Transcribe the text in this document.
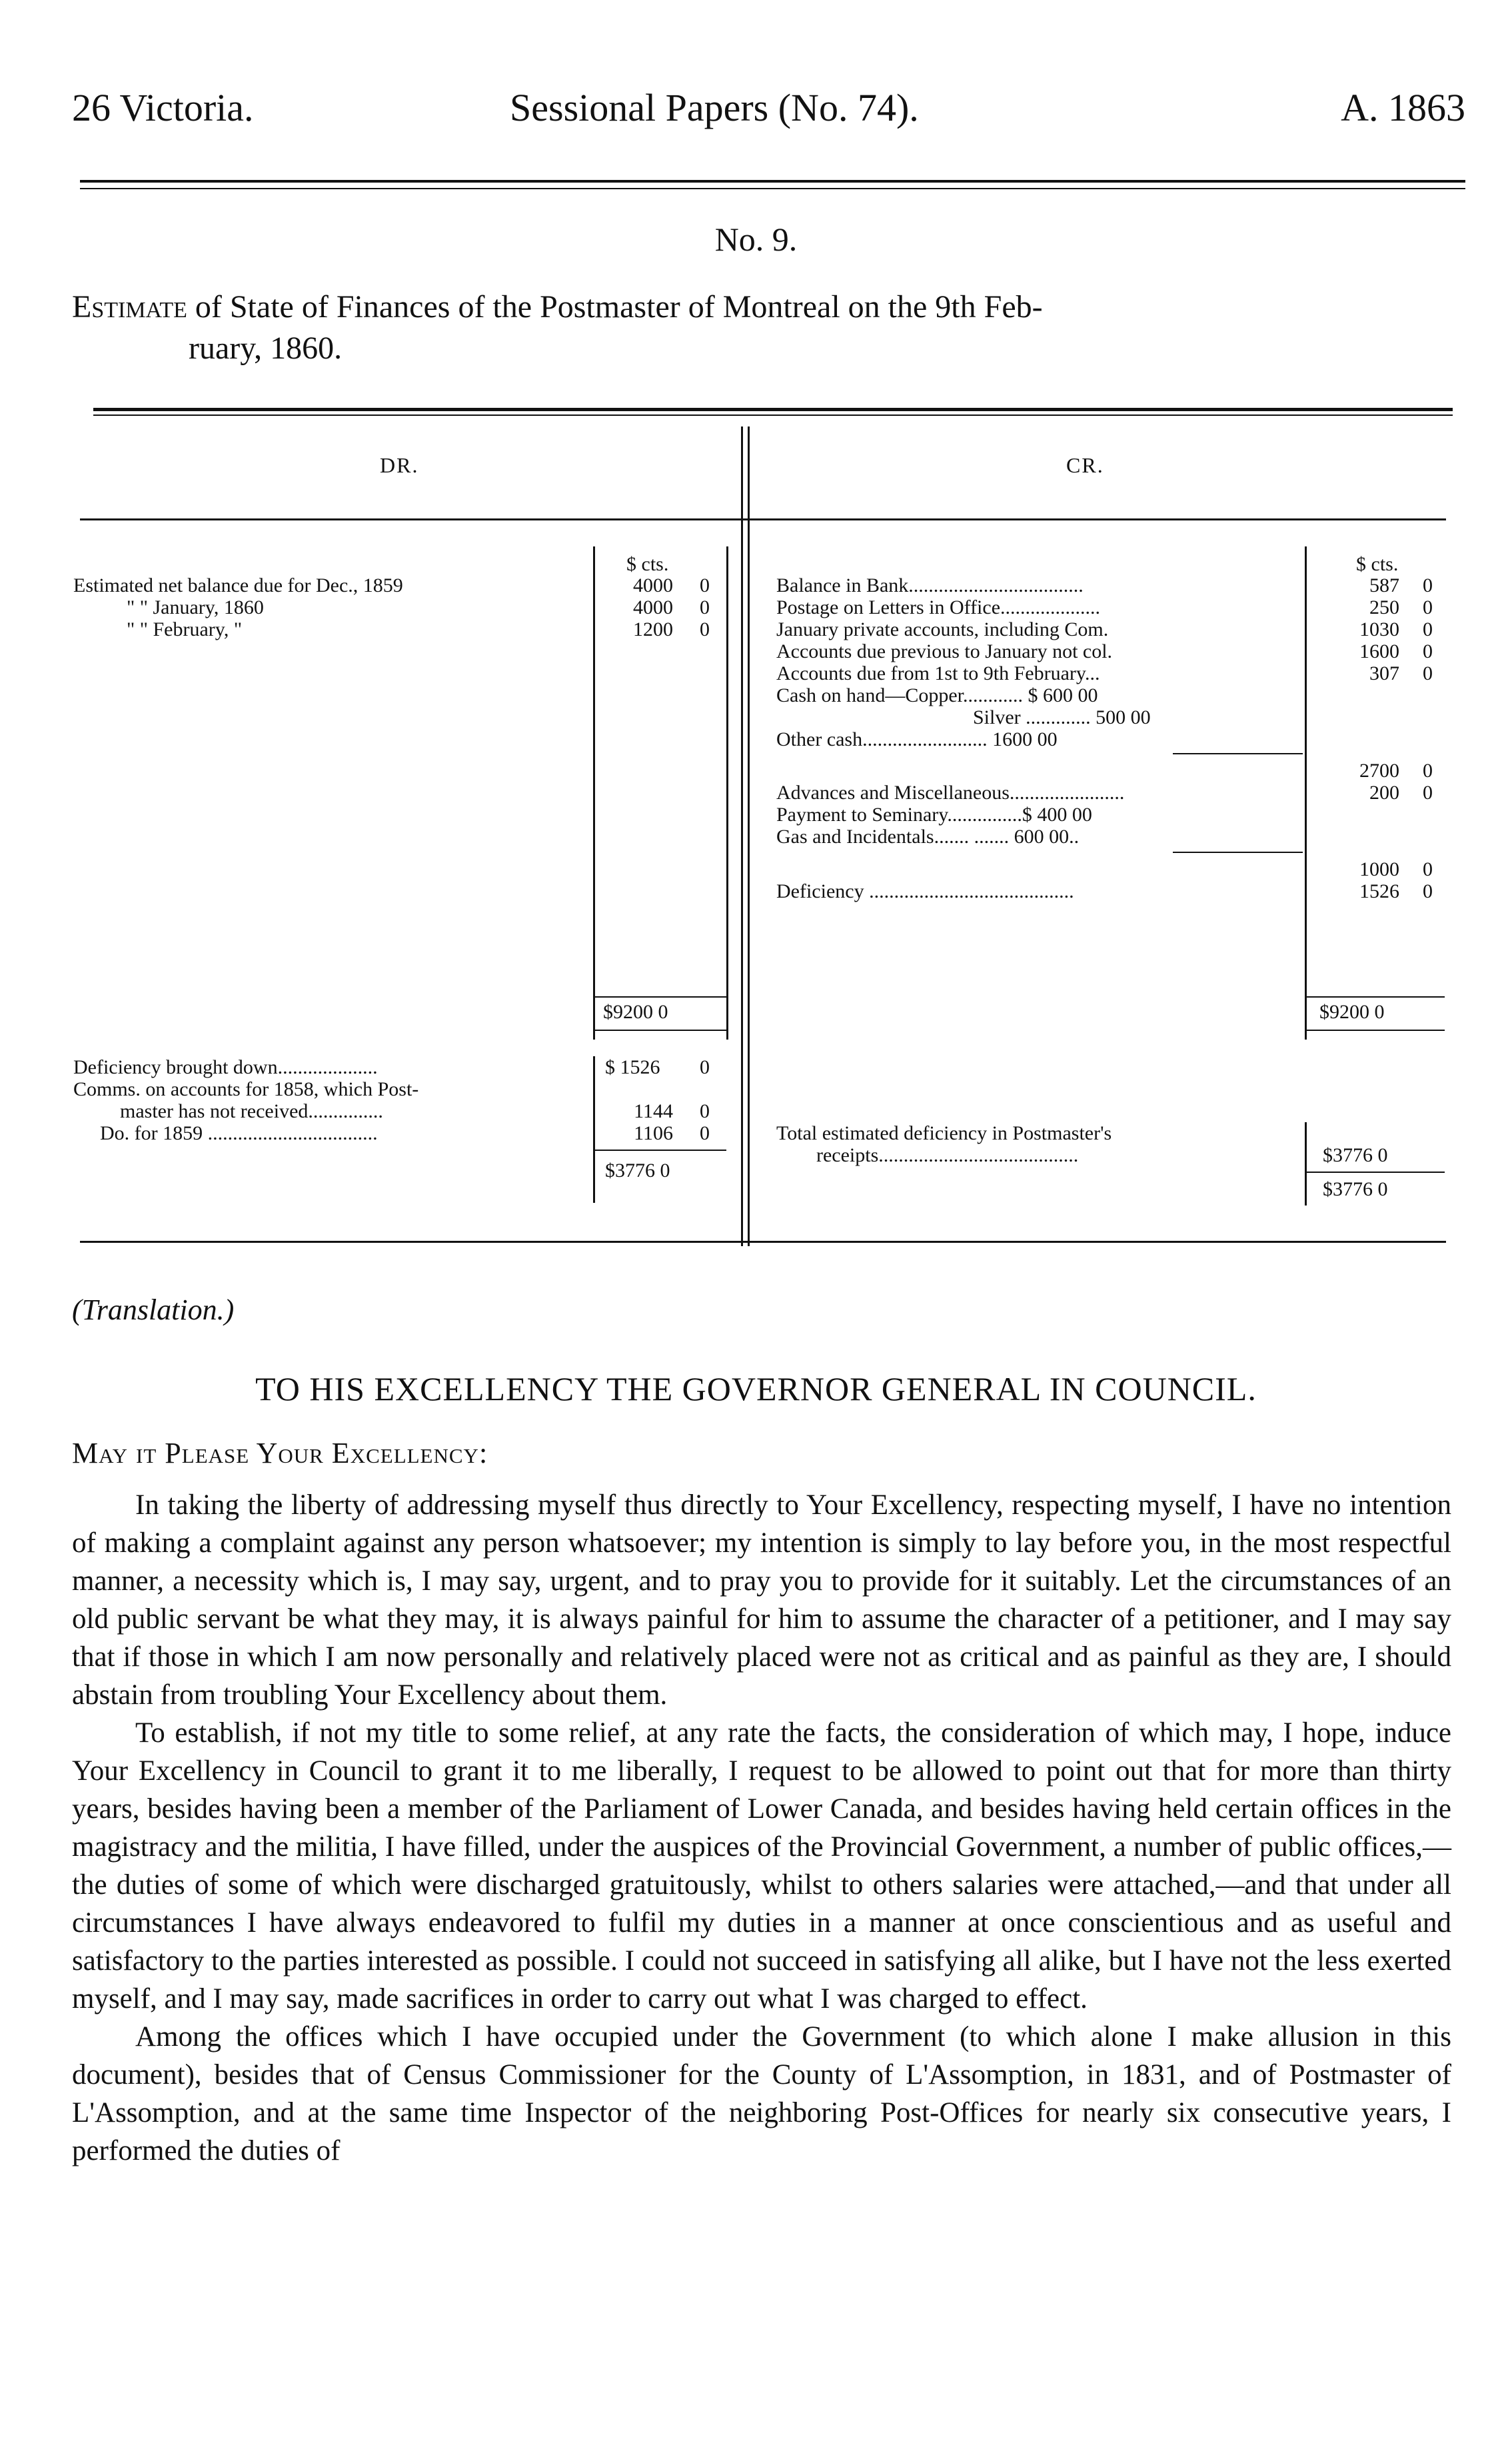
26 Victoria.	Sessional Papers (No. 74).	A. 1863
No. 9.
Estimate of State of Finances of the Postmaster of Montreal on the 9th Feb-
ruary, 1860.
DR.	CR.
$ cts.	$ cts.
Estimated net balance due for Dec., 1859	4000 0
" " January, 1860	4000 0
" " February, "	1200 0
$9200 0
Deficiency brought down....................	$ 1526 0
Comms. on accounts for 1858, which Post-
master has not received...............	1144 0
Do. for 1859 ..................................	1106 0
$3776 0
Balance in Bank...................................	587 0
Postage on Letters in Office....................	250 0
January private accounts, including Com.	1030 0
Accounts due previous to January not col.	1600 0
Accounts due from 1st to 9th February...	307 0
Cash on hand—Copper............ $ 600 00
Silver ............. 500 00
Other cash......................... 1600 00
2700 0
Advances and Miscellaneous.......................	200 0
Payment to Seminary...............$ 400 00
Gas and Incidentals....... ....... 600 00..
1000 0
Deficiency .........................................	1526 0
$9200 0
Total estimated deficiency in Postmaster's
receipts........................................	$3776 0
$3776 0
(Translation.)
TO HIS EXCELLENCY THE GOVERNOR GENERAL IN COUNCIL.
May it Please Your Excellency:

In taking the liberty of addressing myself thus directly to Your Excellency, respecting myself, I have no intention of making a complaint against any person whatsoever; my intention is simply to lay before you, in the most respectful manner, a necessity which is, I may say, urgent, and to pray you to provide for it suitably. Let the circumstances of an old public servant be what they may, it is always painful for him to assume the character of a petitioner, and I may say that if those in which I am now personally and relatively placed were not as critical and as painful as they are, I should abstain from troubling Your Excellency about them.

To establish, if not my title to some relief, at any rate the facts, the consideration of which may, I hope, induce Your Excellency in Council to grant it to me liberally, I request to be allowed to point out that for more than thirty years, besides having been a member of the Parliament of Lower Canada, and besides having held certain offices in the magistracy and the militia, I have filled, under the auspices of the Provincial Government, a number of public offices,—the duties of some of which were discharged gratuitously, whilst to others salaries were attached,—and that under all circumstances I have always endeavored to fulfil my duties in a manner at once conscientious and as useful and satisfactory to the parties interested as possible. I could not succeed in satisfying all alike, but I have not the less exerted myself, and I may say, made sacrifices in order to carry out what I was charged to effect.

Among the offices which I have occupied under the Government (to which alone I make allusion in this document), besides that of Census Commissioner for the County of L'Assomption, in 1831, and of Postmaster of L'Assomption, and at the same time Inspector of the neighboring Post-Offices for nearly six consecutive years, I performed the duties of
